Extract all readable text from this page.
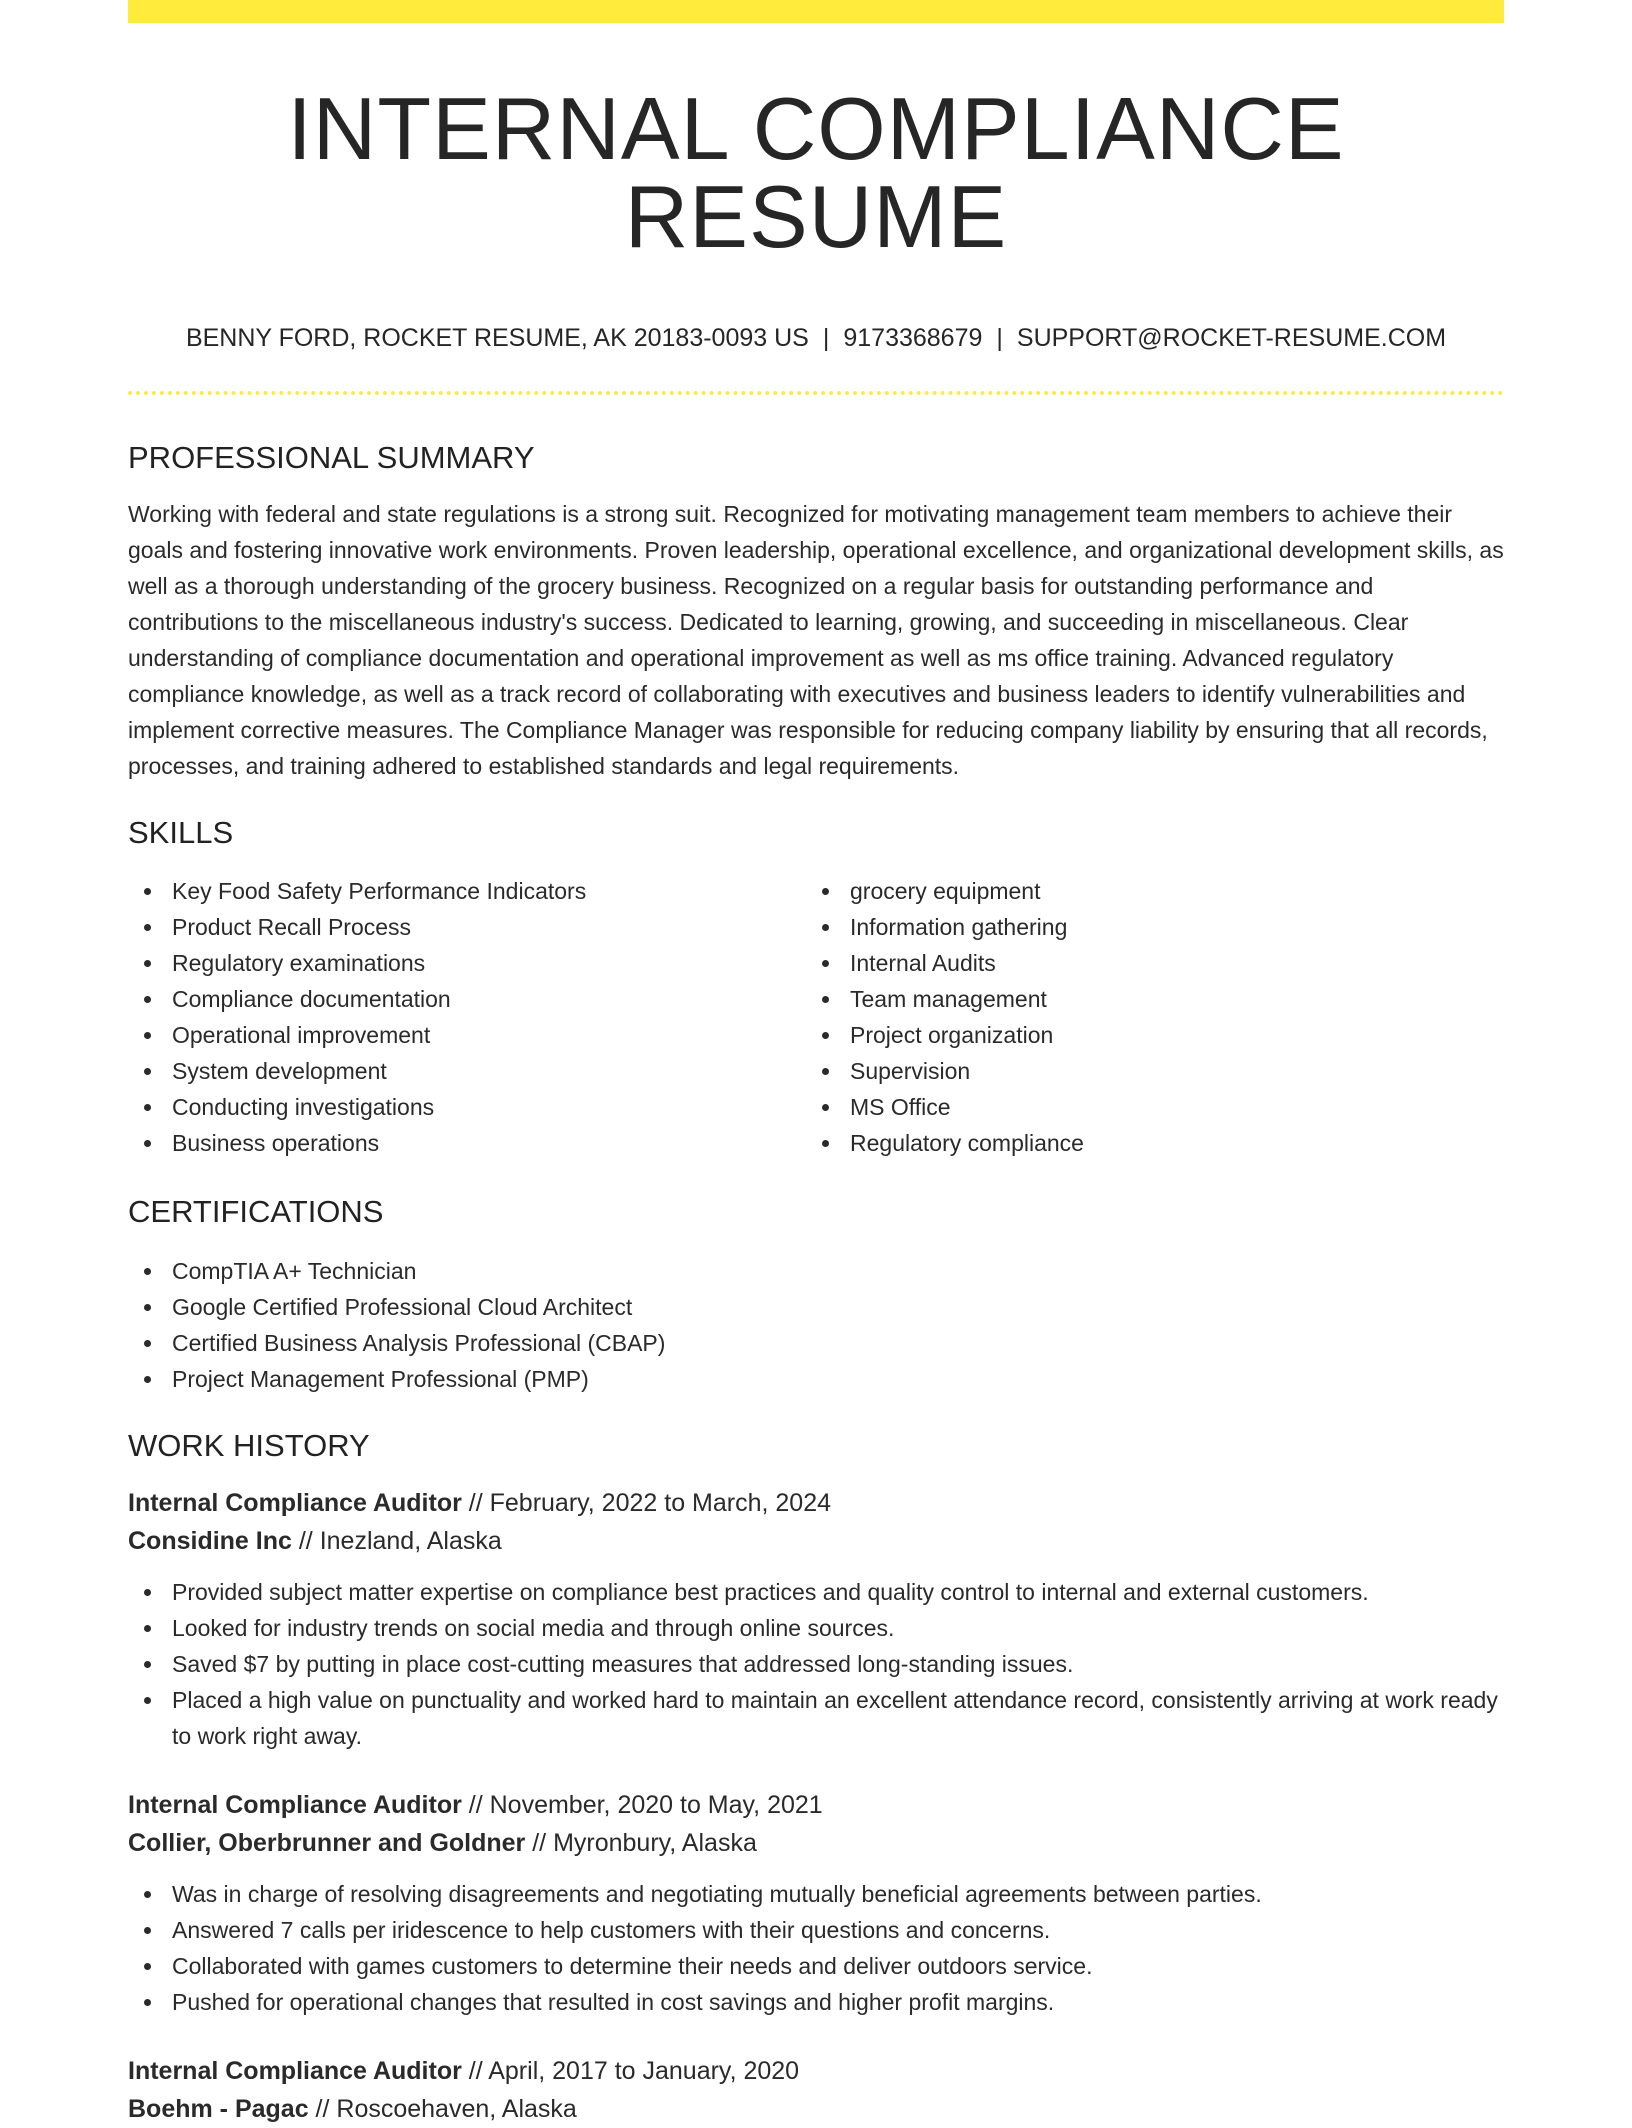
INTERNAL COMPLIANCE RESUME
BENNY FORD, ROCKET RESUME, AK 20183-0093 US | 9173368679 | SUPPORT@ROCKET-RESUME.COM
PROFESSIONAL SUMMARY
Working with federal and state regulations is a strong suit. Recognized for motivating management team members to achieve their goals and fostering innovative work environments. Proven leadership, operational excellence, and organizational development skills, as well as a thorough understanding of the grocery business. Recognized on a regular basis for outstanding performance and contributions to the miscellaneous industry's success. Dedicated to learning, growing, and succeeding in miscellaneous. Clear understanding of compliance documentation and operational improvement as well as ms office training. Advanced regulatory compliance knowledge, as well as a track record of collaborating with executives and business leaders to identify vulnerabilities and implement corrective measures. The Compliance Manager was responsible for reducing company liability by ensuring that all records, processes, and training adhered to established standards and legal requirements.
SKILLS
Key Food Safety Performance Indicators
Product Recall Process
Regulatory examinations
Compliance documentation
Operational improvement
System development
Conducting investigations
Business operations
grocery equipment
Information gathering
Internal Audits
Team management
Project organization
Supervision
MS Office
Regulatory compliance
CERTIFICATIONS
CompTIA A+ Technician
Google Certified Professional Cloud Architect
Certified Business Analysis Professional (CBAP)
Project Management Professional (PMP)
WORK HISTORY
Internal Compliance Auditor // February, 2022 to March, 2024
Considine Inc // Inezland, Alaska
Provided subject matter expertise on compliance best practices and quality control to internal and external customers.
Looked for industry trends on social media and through online sources.
Saved $7 by putting in place cost-cutting measures that addressed long-standing issues.
Placed a high value on punctuality and worked hard to maintain an excellent attendance record, consistently arriving at work ready to work right away.
Internal Compliance Auditor // November, 2020 to May, 2021
Collier, Oberbrunner and Goldner // Myronbury, Alaska
Was in charge of resolving disagreements and negotiating mutually beneficial agreements between parties.
Answered 7 calls per iridescence to help customers with their questions and concerns.
Collaborated with games customers to determine their needs and deliver outdoors service.
Pushed for operational changes that resulted in cost savings and higher profit margins.
Internal Compliance Auditor // April, 2017 to January, 2020
Boehm - Pagac // Roscoehaven, Alaska
